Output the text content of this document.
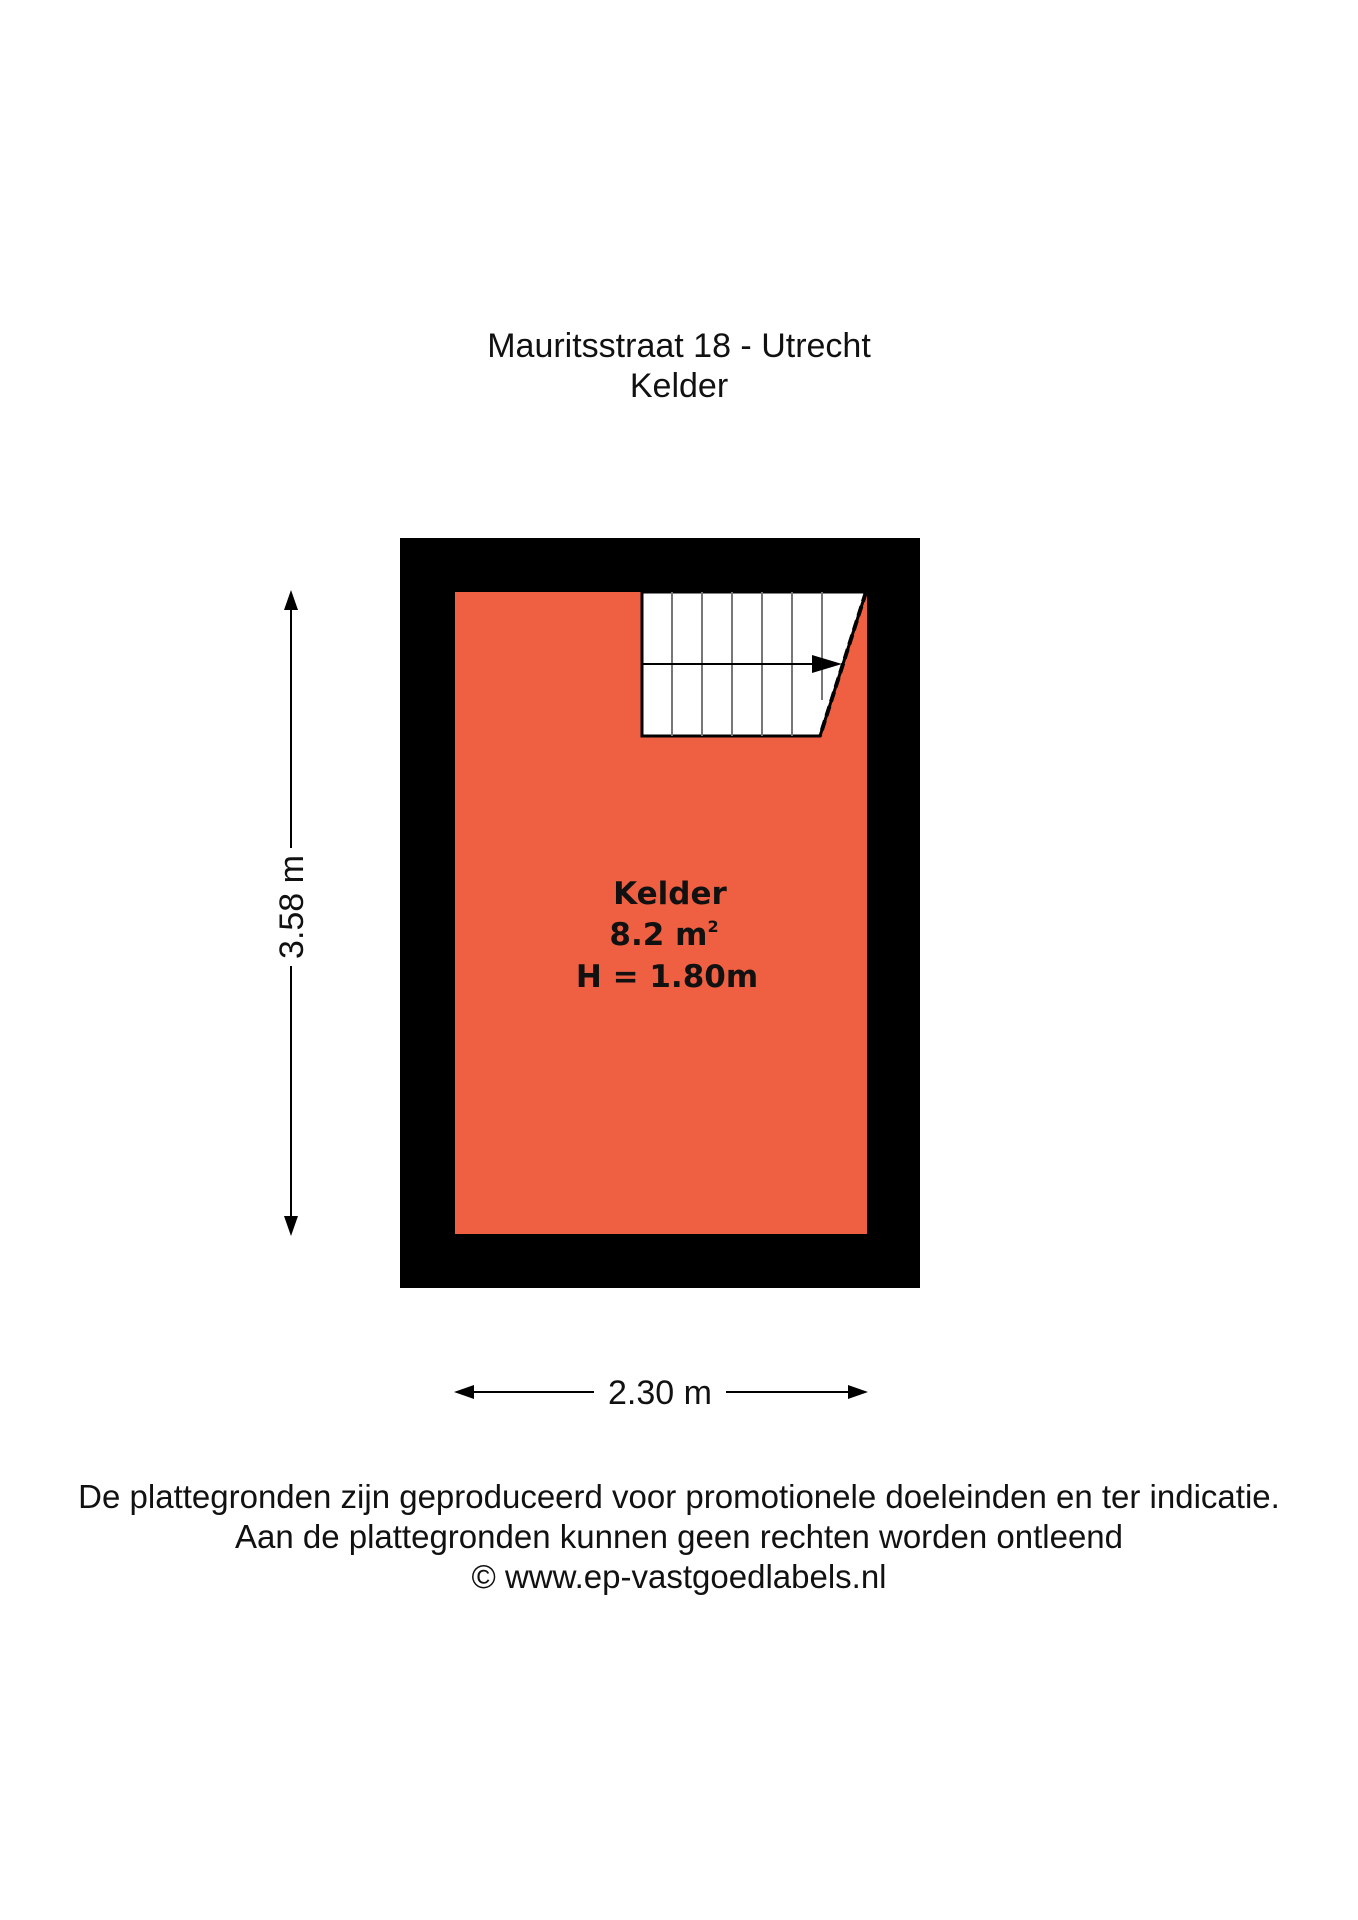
Mauritsstraat 18 - Utrecht
Kelder
Kelder
8.2 $m^2$
H = 1.80m
3.58 m
2.30 m
De plattegronden zijn geproduceerd voor promotionele doeleinden en ter indicatie.
Aan de plattegronden kunnen geen rechten worden ontleend
© www.ep-vastgoedlabels.nl
